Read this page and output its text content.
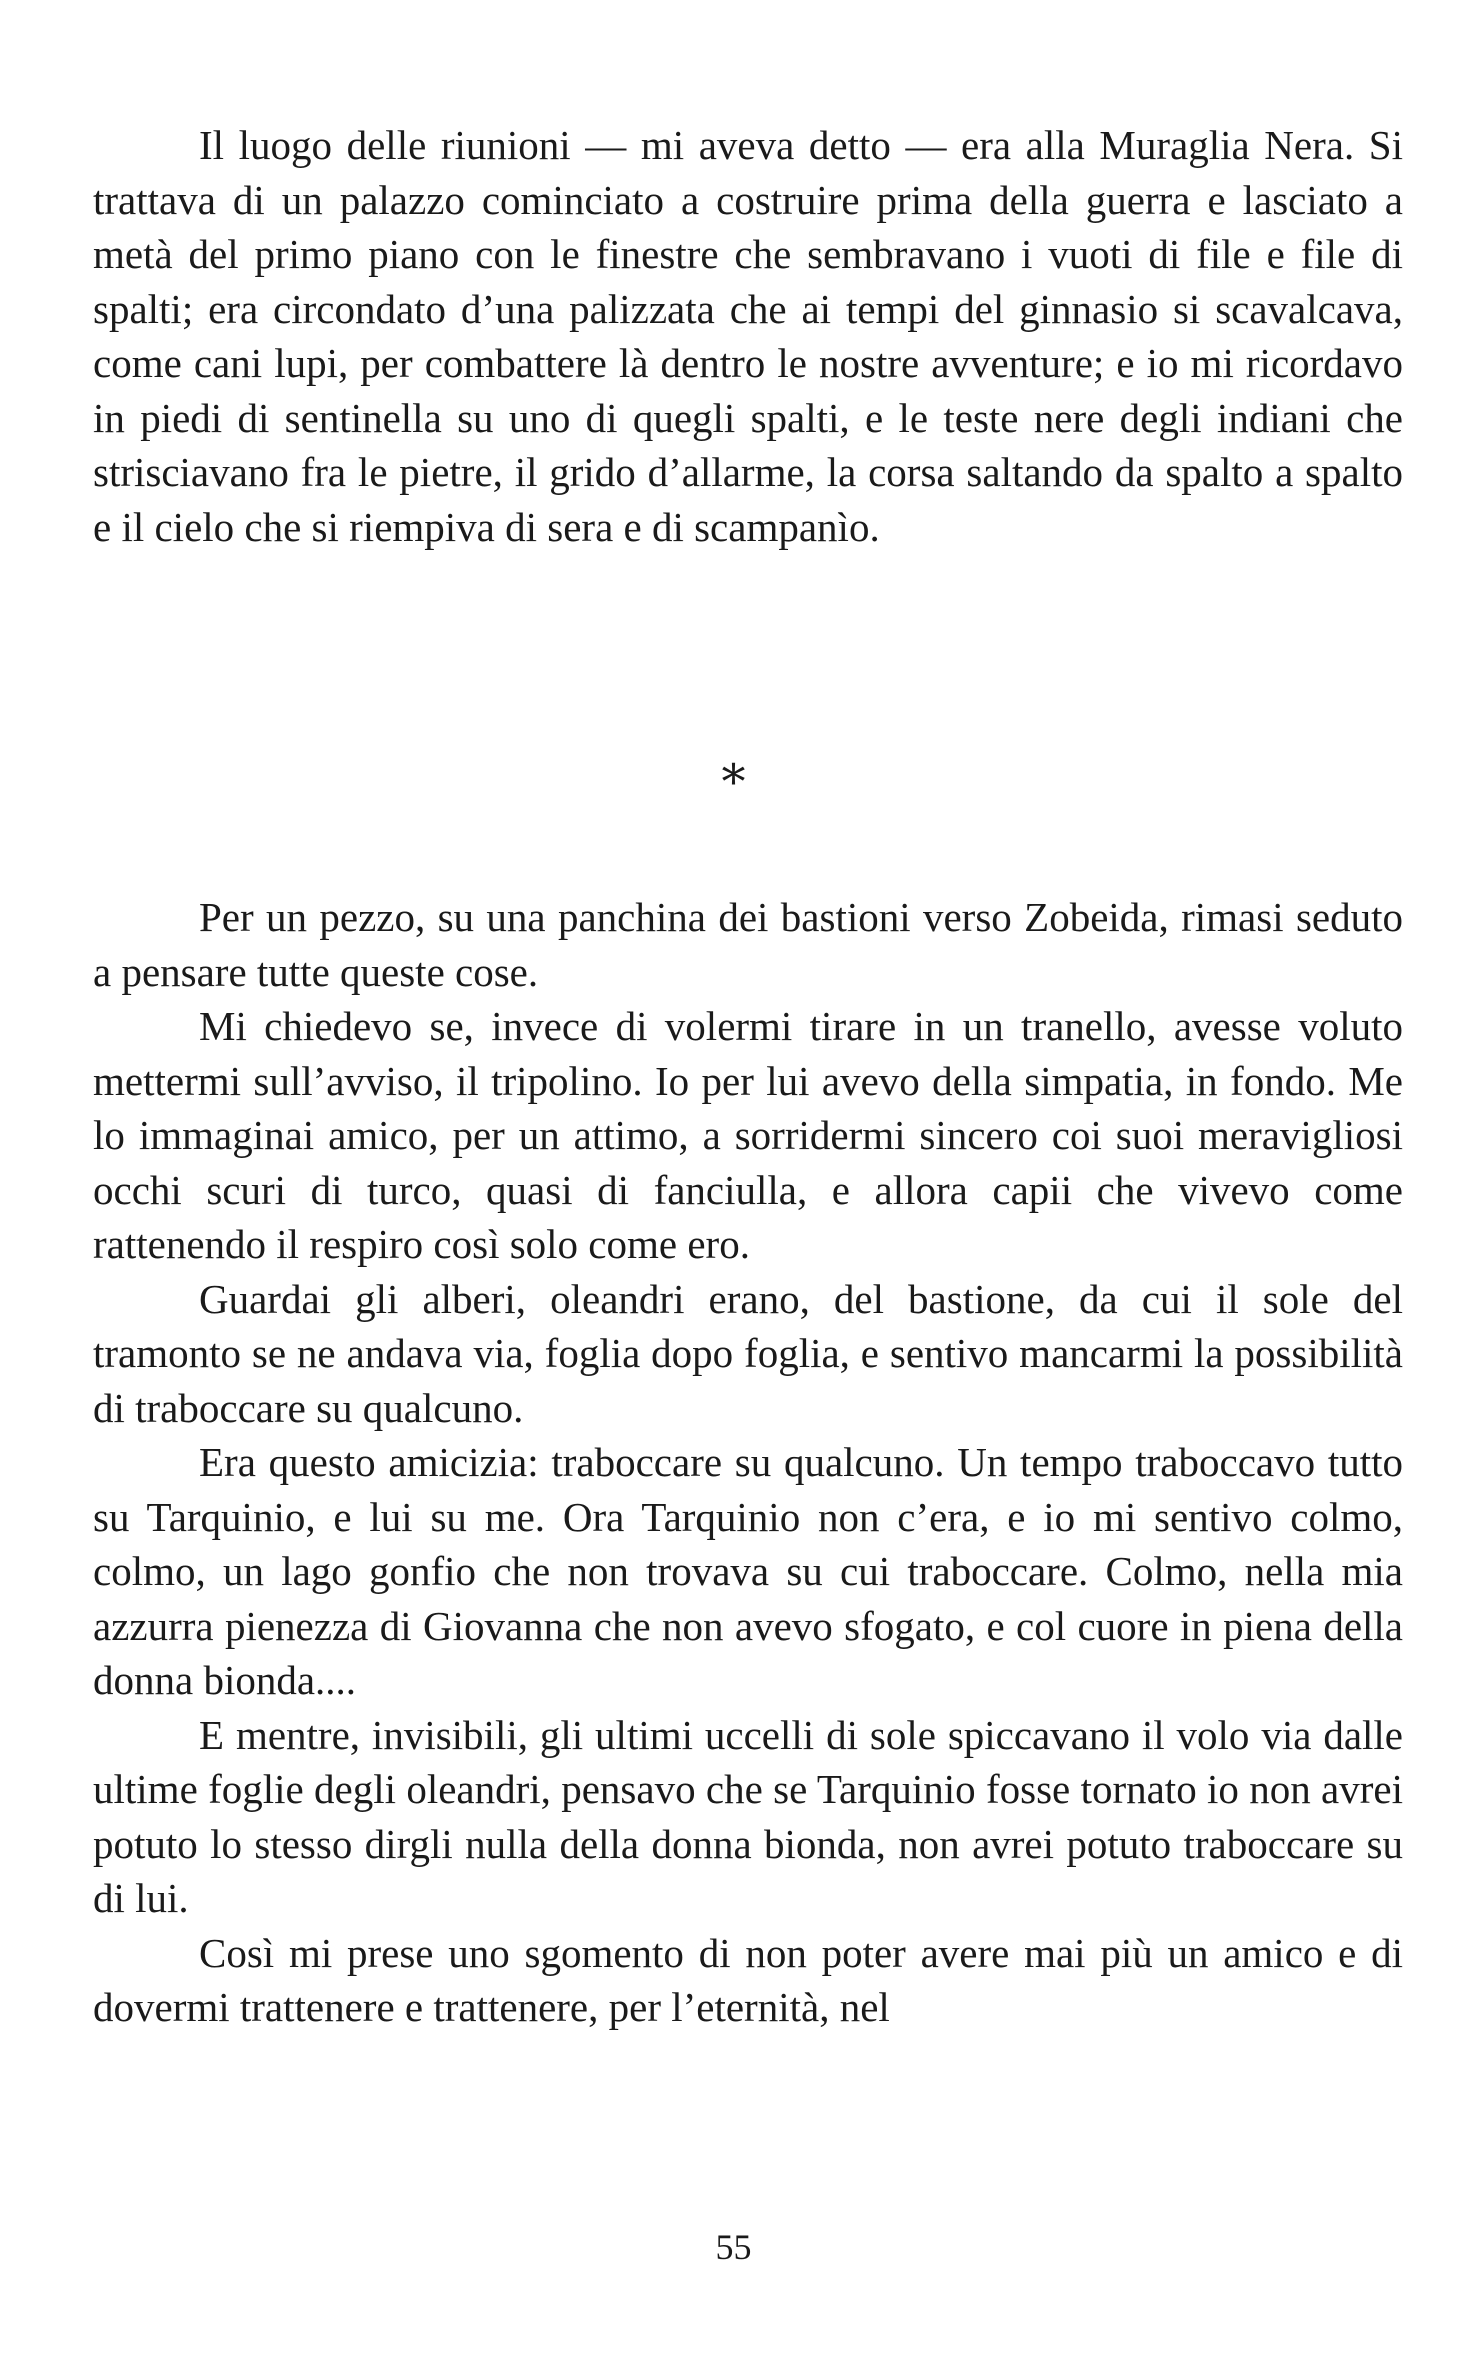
Il luogo delle riunioni — mi aveva detto — era alla Muraglia Nera. Si trattava di un palazzo cominciato a costruire prima della guerra e lasciato a metà del primo piano con le finestre che sembravano i vuoti di file e file di spalti; era circondato d’una palizzata che ai tempi del ginnasio si scavalcava, come cani lupi, per combattere là dentro le nostre avventure; e io mi ricordavo in piedi di sentinella su uno di quegli spalti, e le teste nere degli indiani che strisciavano fra le pietre, il grido d’allarme, la corsa saltando da spalto a spalto e il cielo che si riempiva di sera e di scampanìo.

*

Per un pezzo, su una panchina dei bastioni verso Zobeida, rimasi seduto a pensare tutte queste cose.

Mi chiedevo se, invece di volermi tirare in un tranello, avesse voluto mettermi sull’avviso, il tripolino. Io per lui avevo della simpatia, in fondo. Me lo immaginai amico, per un attimo, a sorridermi sincero coi suoi meravigliosi occhi scuri di turco, quasi di fanciulla, e allora capii che vivevo come rattenendo il respiro così solo come ero.

Guardai gli alberi, oleandri erano, del bastione, da cui il sole del tramonto se ne andava via, foglia dopo foglia, e sentivo mancarmi la possibilità di traboccare su qualcuno.

Era questo amicizia: traboccare su qualcuno. Un tempo traboccavo tutto su Tarquinio, e lui su me. Ora Tarquinio non c’era, e io mi sentivo colmo, colmo, un lago gonfio che non trovava su cui traboccare. Colmo, nella mia azzurra pienezza di Giovanna che non avevo sfogato, e col cuore in piena della donna bionda....

E mentre, invisibili, gli ultimi uccelli di sole spiccavano il volo via dalle ultime foglie degli oleandri, pensavo che se Tarquinio fosse tornato io non avrei potuto lo stesso dirgli nulla della donna bionda, non avrei potuto traboccare su di lui.

Così mi prese uno sgomento di non poter avere mai più un amico e di dovermi trattenere e trattenere, per l’eternità, nel

55
